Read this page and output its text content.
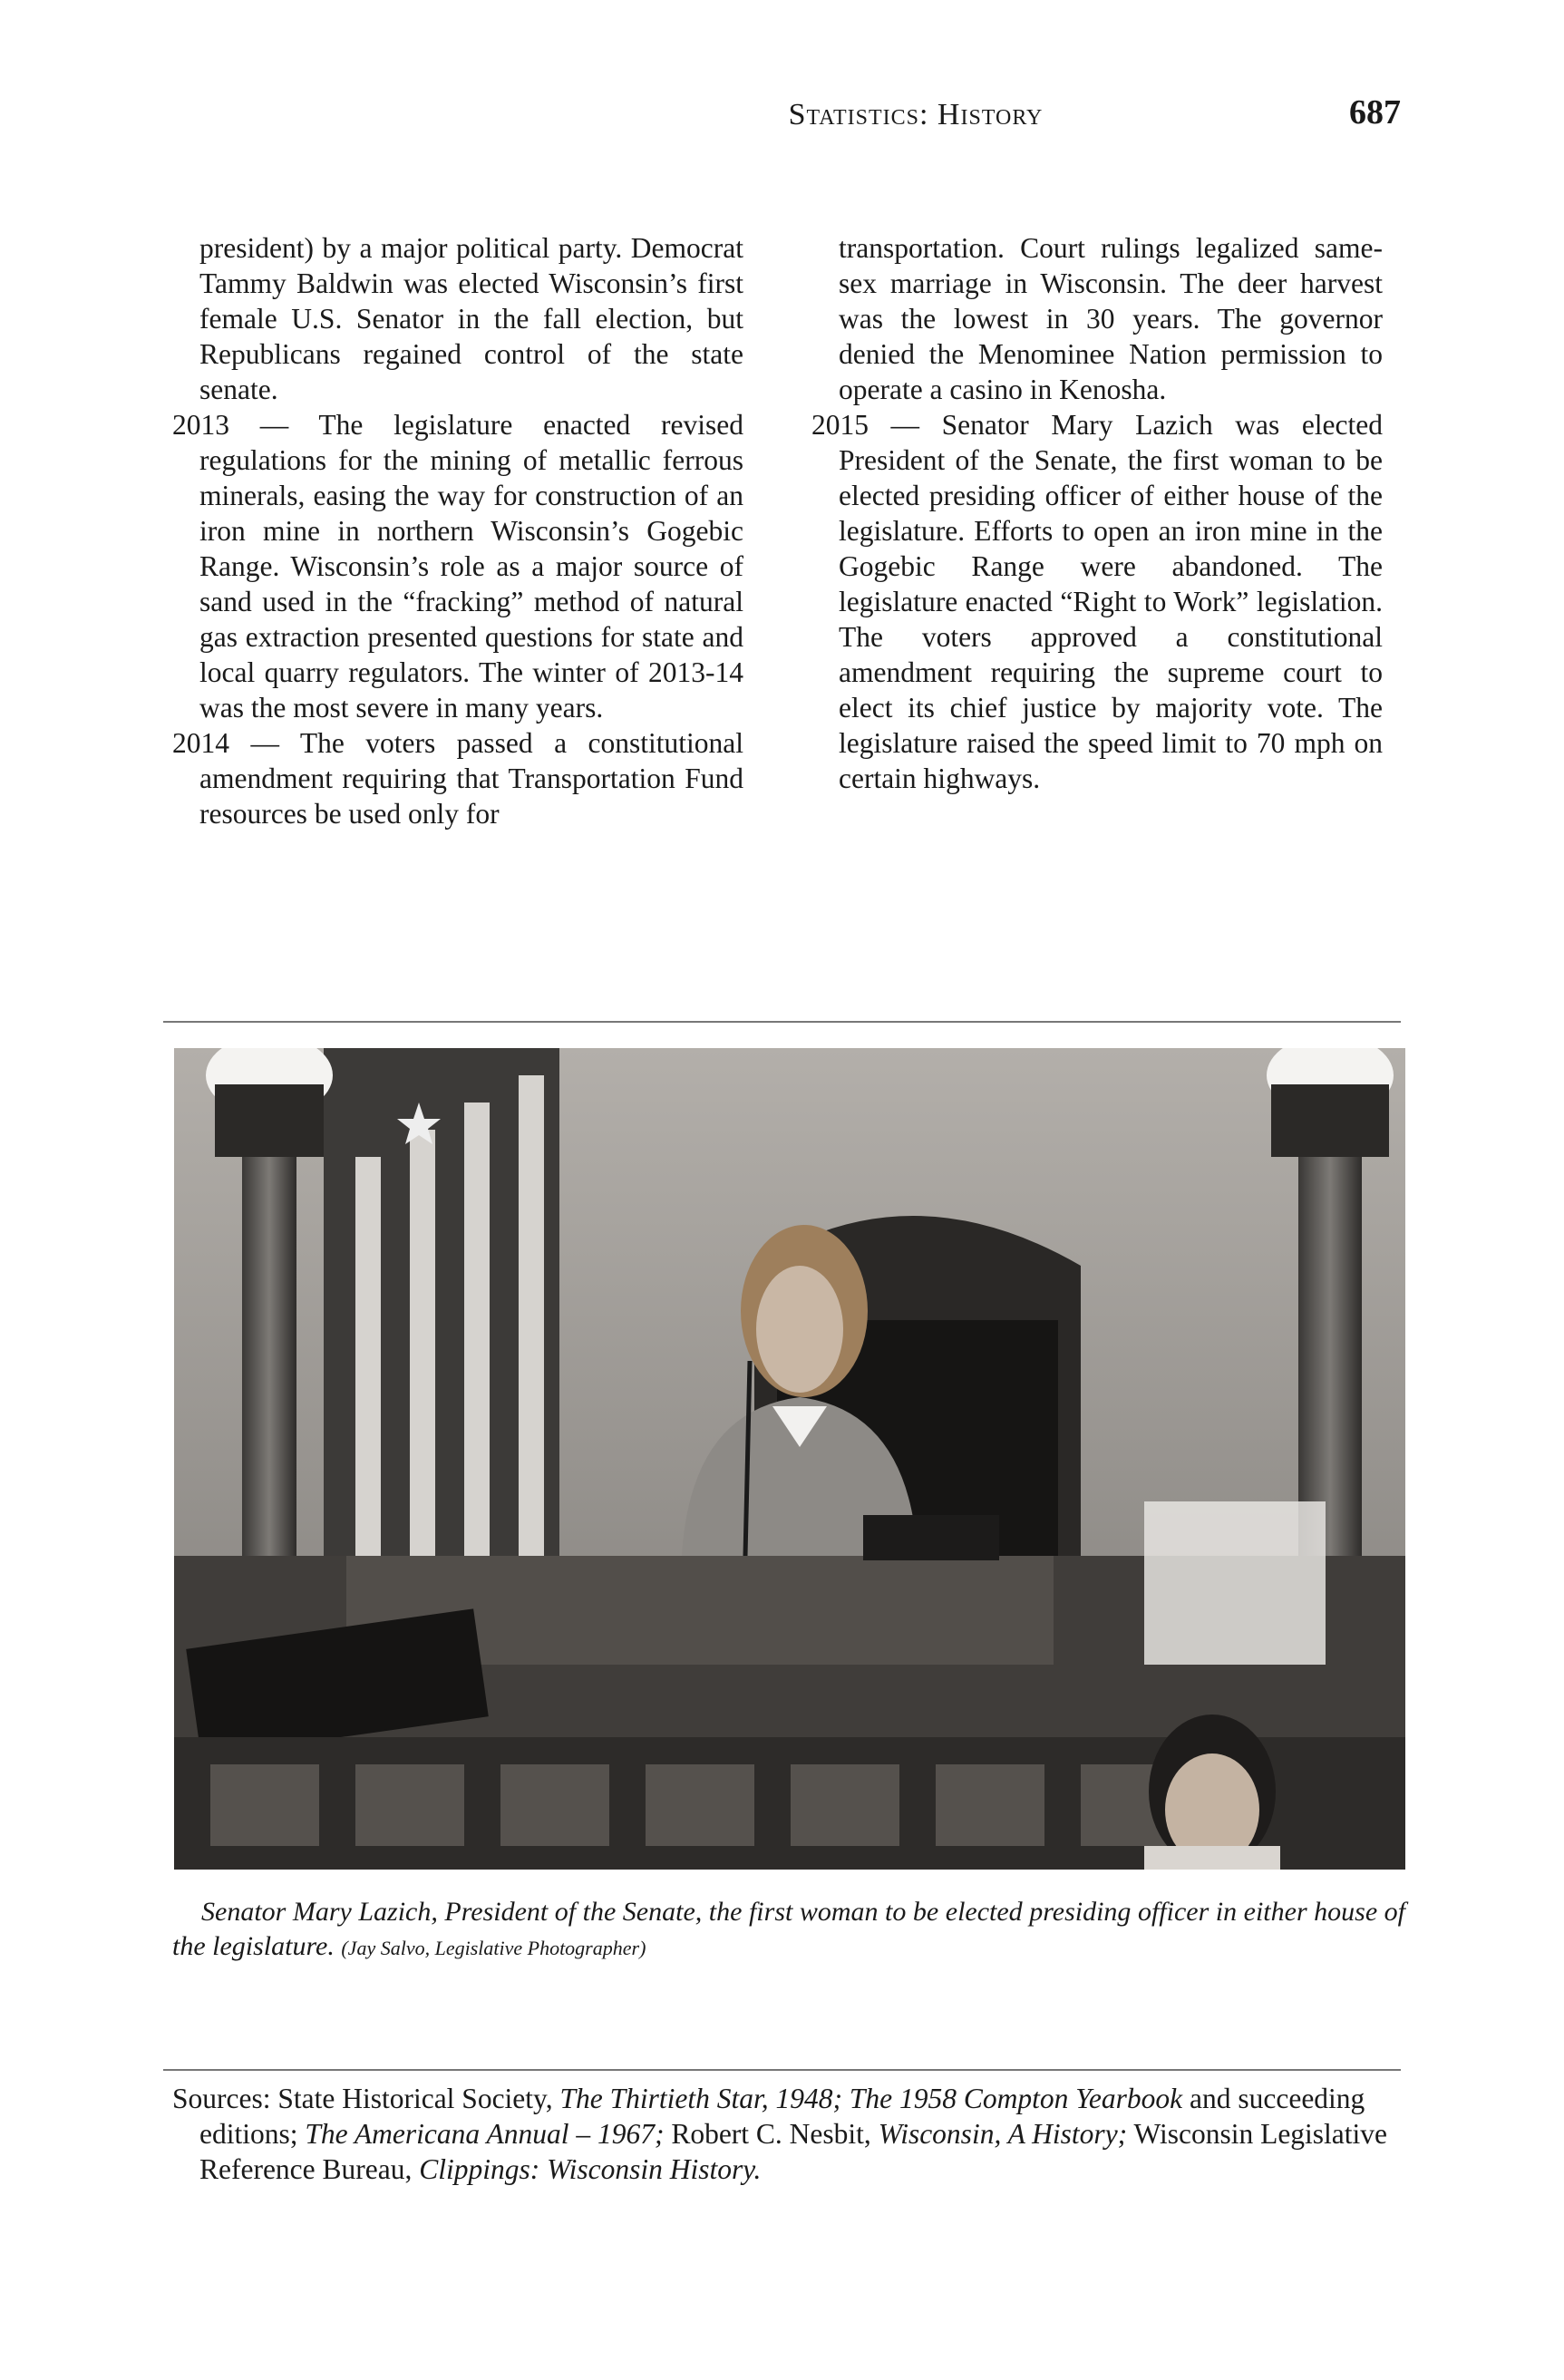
Statistics: History	687

president) by a major political party. Democrat Tammy Baldwin was elected Wisconsin’s first female U.S. Senator in the fall election, but Republicans regained control of the state senate.

2013 — The legislature enacted revised regulations for the mining of metallic ferrous minerals, easing the way for construction of an iron mine in northern Wisconsin’s Gogebic Range. Wisconsin’s role as a major source of sand used in the “fracking” method of natural gas extraction presented questions for state and local quarry regulators. The winter of 2013-14 was the most severe in many years.

2014 — The voters passed a constitutional amendment requiring that Transportation Fund resources be used only for

transportation. Court rulings legalized same-sex marriage in Wisconsin. The deer harvest was the lowest in 30 years. The governor denied the Menominee Nation permission to operate a casino in Kenosha.

2015 — Senator Mary Lazich was elected President of the Senate, the first woman to be elected presiding officer of either house of the legislature. Efforts to open an iron mine in the Gogebic Range were abandoned. The legislature enacted “Right to Work” legislation. The voters approved a constitutional amendment requiring the supreme court to elect its chief justice by majority vote. The legislature raised the speed limit to 70 mph on certain highways.

Senator Mary Lazich, President of the Senate, the first woman to be elected presiding officer in either house of the legislature. (Jay Salvo, Legislative Photographer)

Sources: State Historical Society, The Thirtieth Star, 1948; The 1958 Compton Yearbook and succeeding editions; The Americana Annual – 1967; Robert C. Nesbit, Wisconsin, A History; Wisconsin Legislative Reference Bureau, Clippings: Wisconsin History.
